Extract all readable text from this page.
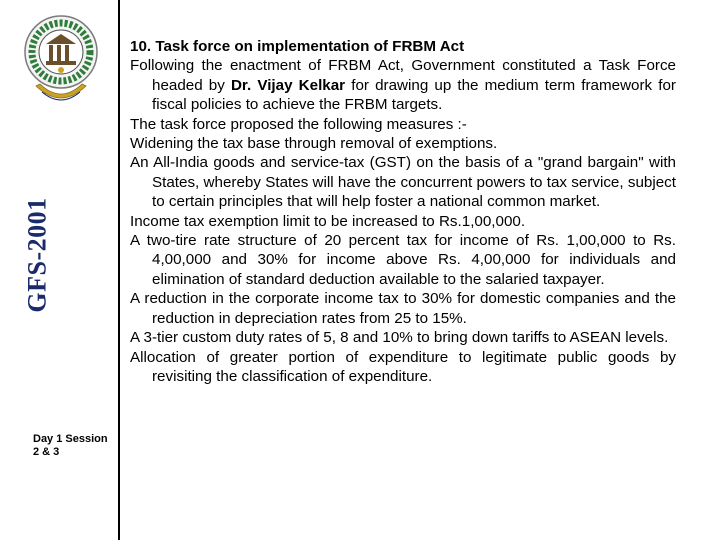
GFS-2001
Day 1 Session 2 & 3
10. Task force on implementation of FRBM Act
Following the enactment of FRBM Act, Government constituted a Task Force headed by Dr. Vijay Kelkar for drawing up the medium term framework for fiscal policies to achieve the FRBM targets.
The task force proposed the following measures :-
Widening the tax base through removal of exemptions.
An All-India goods and service-tax (GST) on the basis of a "grand bargain" with States, whereby States will have the concurrent powers to tax service, subject to certain principles that will help foster a national common market.
Income tax exemption limit to be increased to Rs.1,00,000.
A two-tire rate structure of 20 percent tax for income of Rs. 1,00,000 to Rs. 4,00,000 and 30% for income above Rs. 4,00,000 for individuals and elimination of standard deduction available to the salaried taxpayer.
A reduction in the corporate income tax to 30% for domestic companies and the reduction in depreciation rates from 25 to 15%.
A 3-tier custom duty rates of 5, 8 and 10% to bring down tariffs to ASEAN levels.
Allocation of greater portion of expenditure to legitimate public goods by revisiting the classification of expenditure.
